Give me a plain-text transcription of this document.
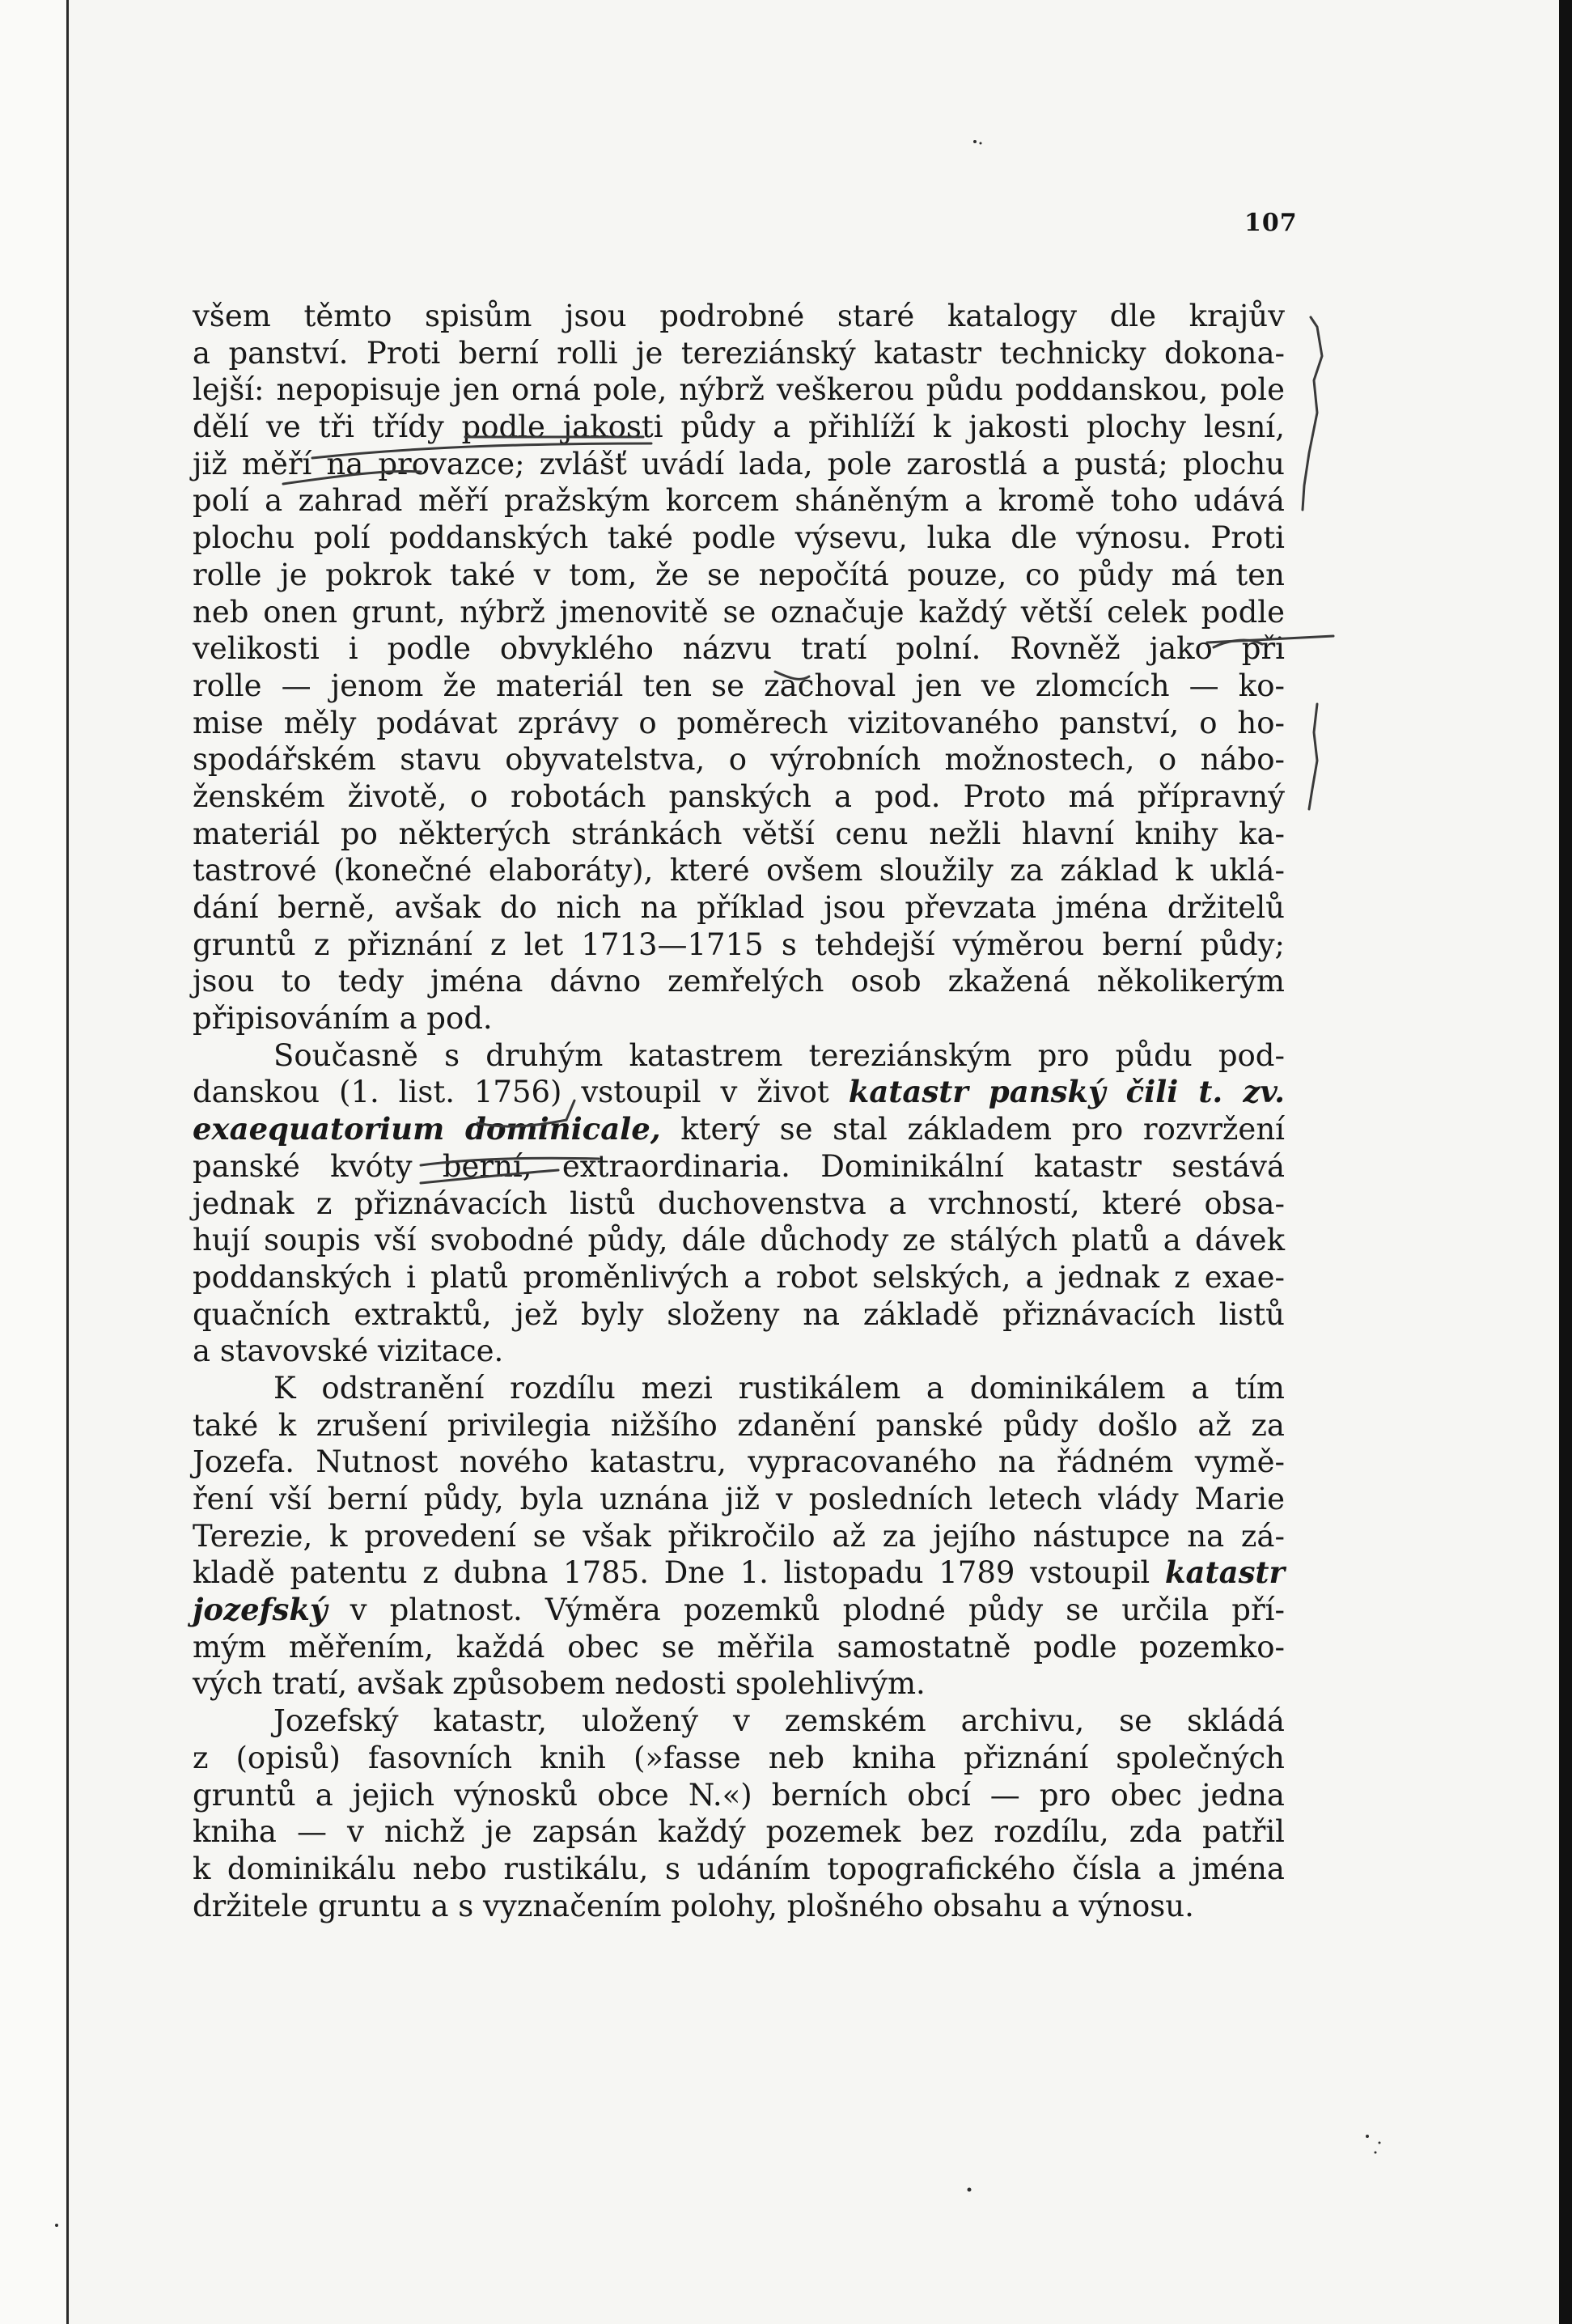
107
všem těmto spisům jsou podrobné staré katalogy dle krajův
a panství. Proti berní rolli je tereziánský katastr technicky dokona-
lejší: nepopisuje jen orná pole, nýbrž veškerou půdu poddanskou, pole
dělí ve tři třídy podle jakosti půdy a přihlíží k jakosti plochy lesní,
již měří na provazce; zvlášť uvádí lada, pole zarostlá a pustá; plochu
polí a zahrad měří pražským korcem sháněným a kromě toho udává
plochu polí poddanských také podle výsevu, luka dle výnosu. Proti
rolle je pokrok také v tom, že se nepočítá pouze, co půdy má ten
neb onen grunt, nýbrž jmenovitě se označuje každý větší celek podle
velikosti i podle obvyklého názvu tratí polní. Rovněž jako při
rolle — jenom že materiál ten se zachoval jen ve zlomcích — ko-
mise měly podávat zprávy o poměrech vizitovaného panství, o ho-
spodářském stavu obyvatelstva, o výrobních možnostech, o nábo-
ženském životě, o robotách panských a pod. Proto má přípravný
materiál po některých stránkách větší cenu nežli hlavní knihy ka-
tastrové (konečné elaboráty), které ovšem sloužily za základ k uklá-
dání berně, avšak do nich na příklad jsou převzata jména držitelů
gruntů z přiznání z let 1713—1715 s tehdejší výměrou berní půdy;
jsou to tedy jména dávno zemřelých osob zkažená několikerým
připisováním a pod.
Současně s druhým katastrem tereziánským pro půdu pod-
danskou (1. list. 1756) vstoupil v život katastr panský čili t. zv.
exaequatorium dominicale, který se stal základem pro rozvržení
panské kvóty berní, extraordinaria. Dominikální katastr sestává
jednak z přiznávacích listů duchovenstva a vrchností, které obsa-
hují soupis vší svobodné půdy, dále důchody ze stálých platů a dávek
poddanských i platů proměnlivých a robot selských, a jednak z exae-
quačních extraktů, jež byly složeny na základě přiznávacích listů
a stavovské vizitace.
K odstranění rozdílu mezi rustikálem a dominikálem a tím
také k zrušení privilegia nižšího zdanění panské půdy došlo až za
Jozefa. Nutnost nového katastru, vypracovaného na řádném vymě-
ření vší berní půdy, byla uznána již v posledních letech vlády Marie
Terezie, k provedení se však přikročilo až za jejího nástupce na zá-
kladě patentu z dubna 1785. Dne 1. listopadu 1789 vstoupil katastr
jozefský v platnost. Výměra pozemků plodné půdy se určila pří-
mým měřením, každá obec se měřila samostatně podle pozemko-
vých tratí, avšak způsobem nedosti spolehlivým.
Jozefský katastr, uložený v zemském archivu, se skládá
z (opisů) fasovních knih (»fasse neb kniha přiznání společných
gruntů a jejich výnosků obce N.«) berních obcí — pro obec jedna
kniha — v nichž je zapsán každý pozemek bez rozdílu, zda patřil
k dominikálu nebo rustikálu, s udáním topografického čísla a jména
držitele gruntu a s vyznačením polohy, plošného obsahu a výnosu.
